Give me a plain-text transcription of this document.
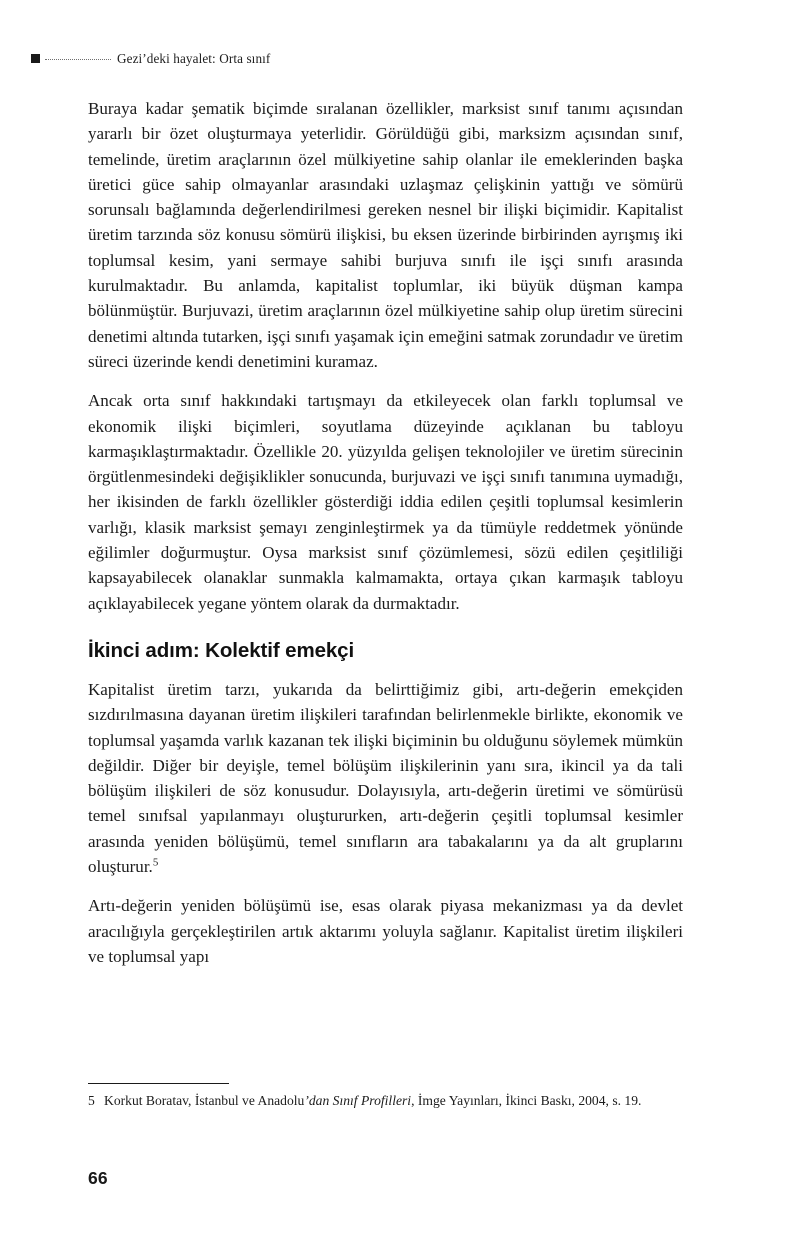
Gezi’deki hayalet: Orta sınıf

Buraya kadar şematik biçimde sıralanan özellikler, marksist sınıf tanımı açısından yararlı bir özet oluşturmaya yeterlidir. Görüldüğü gibi, marksizm açısından sınıf, temelinde, üretim araçlarının özel mülkiyetine sahip olanlar ile emeklerinden başka üretici güce sahip olmayanlar arasındaki uzlaşmaz çelişkinin yattığı ve sömürü sorunsalı bağlamında değerlendirilmesi gereken nesnel bir ilişki biçimidir. Kapitalist üretim tarzında söz konusu sömürü ilişkisi, bu eksen üzerinde birbirinden ayrışmış iki toplumsal kesim, yani sermaye sahibi burjuva sınıfı ile işçi sınıfı arasında kurulmaktadır. Bu anlamda, kapitalist toplumlar, iki büyük düşman kampa bölünmüştür. Burjuvazi, üretim araçlarının özel mülkiyetine sahip olup üretim sürecini denetimi altında tutarken, işçi sınıfı yaşamak için emeğini satmak zorundadır ve üretim süreci üzerinde kendi denetimini kuramaz.

Ancak orta sınıf hakkındaki tartışmayı da etkileyecek olan farklı toplumsal ve ekonomik ilişki biçimleri, soyutlama düzeyinde açıklanan bu tabloyu karmaşıklaştırmaktadır. Özellikle 20. yüzyılda gelişen teknolojiler ve üretim sürecinin örgütlenmesindeki değişiklikler sonucunda, burjuvazi ve işçi sınıfı tanımına uymadığı, her ikisinden de farklı özellikler gösterdiği iddia edilen çeşitli toplumsal kesimlerin varlığı, klasik marksist şemayı zenginleştirmek ya da tümüyle reddetmek yönünde eğilimler doğurmuştur. Oysa marksist sınıf çözümlemesi, sözü edilen çeşitliliği kapsayabilecek olanaklar sunmakla kalmamakta, ortaya çıkan karmaşık tabloyu açıklayabilecek yegane yöntem olarak da durmaktadır.

İkinci adım: Kolektif emekçi

Kapitalist üretim tarzı, yukarıda da belirttiğimiz gibi, artı-değerin emekçiden sızdırılmasına dayanan üretim ilişkileri tarafından belirlenmekle birlikte, ekonomik ve toplumsal yaşamda varlık kazanan tek ilişki biçiminin bu olduğunu söylemek mümkün değildir. Diğer bir deyişle, temel bölüşüm ilişkilerinin yanı sıra, ikincil ya da tali bölüşüm ilişkileri de söz konusudur. Dolayısıyla, artı-değerin üretimi ve sömürüsü temel sınıfsal yapılanmayı oluştururken, artı-değerin çeşitli toplumsal kesimler arasında yeniden bölüşümü, temel sınıfların ara tabakalarını ya da alt gruplarını oluşturur.$^5$

Artı-değerin yeniden bölüşümü ise, esas olarak piyasa mekanizması ya da devlet aracılığıyla gerçekleştirilen artık aktarımı yoluyla sağlanır. Kapitalist üretim ilişkileri ve toplumsal yapı

5 Korkut Boratav, İstanbul ve Anadolu’dan Sınıf Profilleri, İmge Yayınları, İkinci Baskı, 2004, s. 19.
66
